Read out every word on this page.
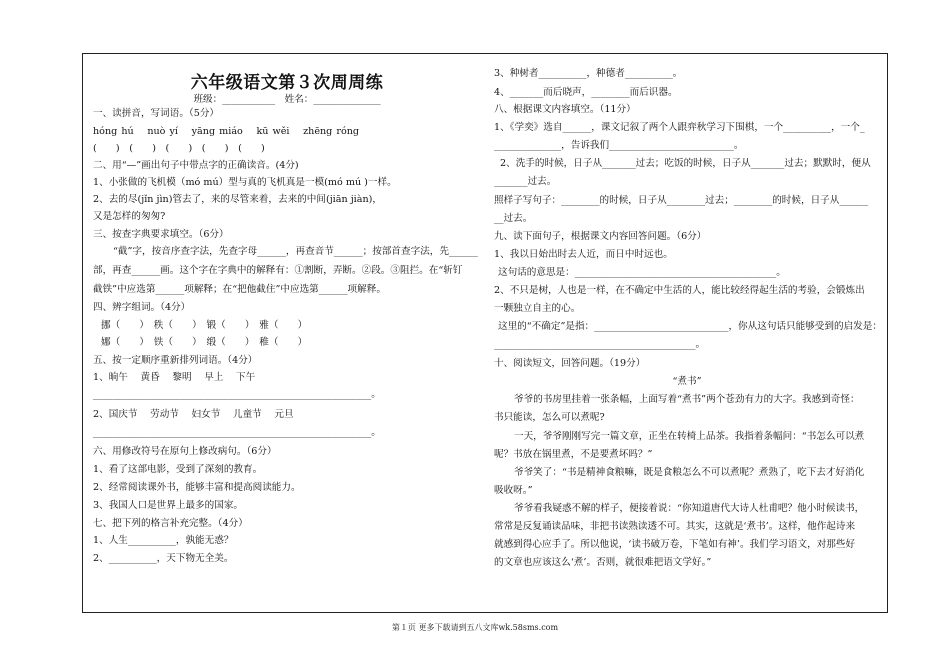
六年级语文第３次周周练
班级：___________　姓名：______________
一、读拼音，写词语。（5分）
hóng hú　 nuò yí　 yāng miáo　 kū wěi　 zhēng róng
(　　)　(　　)　(　　)　(　　)　(　　)
二、用“—”画出句子中带点字的正确读音。(4分)
1、小张做的飞机模（mó mú）型与真的飞机真是一模(mó mú )一样。
2、去的尽(jǐn jìn)管去了，来的尽管来着，去来的中间(jiān jiàn)，
又是怎样的匆匆?
三、按查字典要求填空。（6分）
“截”字，按音序查字法，先查字母______，再查音节______；按部首查字法，先______
部，再查______画。这个字在字典中的解释有：①割断，弄断。②段。③阻拦。在“斩钉
截铁”中应选第______项解释；在“把他截住”中应选第______项解释。
四、辨字组词。（4分）
挪（　　）　秩（　　）　锻（　　）　雅（　　）
娜（　　）　铁（　　）　缎（　　）　稚（　　）
五、按一定顺序重新排列词语。（4分）
1、晌午　 黄昏　 黎明　 早上　 下午
__________________________________________________________。
2、国庆节　 劳动节　 妇女节　 儿童节　 元旦
__________________________________________________________。
六、用修改符号在原句上修改病句。（6分）
1、看了这部电影，受到了深刻的教育。
2、经常阅读课外书，能够丰富和提高阅读能力。
3、我国人口是世界上最多的国家。
七、把下列的格言补充完整。（4分）
1、人生__________，孰能无惑？
2、__________，天下物无全美。
3、种树者__________，种德者__________。
4、_______而后晓声，________而后识器。
八、根据课文内容填空。（11分）
1、《学奕》选自______，课文记叙了两个人跟弈秋学习下围棋，一个__________，一个_
______________，告诉我们__________________________。
2、洗手的时候，日子从_______过去；吃饭的时候，日子从_______过去；默默时，便从
_______过去。
照样子写句子：________的时候，日子从________过去；________的时候，日子从______
__过去。
九、读下面句子，根据课文内容回答问题。（6分）
1、我以日始出时去人近，而日中时远也。
这句话的意思是：__________________________________________。
2、不只是树，人也是一样，在不确定中生活的人，能比较经得起生活的考验，会锻炼出
一颗独立自主的心。
这里的“不确定”是指：____________________________，你从这句话只能够受到的启发是：
__________________________________________。
十、阅读短文，回答问题。（19分）
“煮书”
爷爷的书房里挂着一张条幅，上面写着“煮书”两个苍劲有力的大字。我感到奇怪：
书只能读，怎么可以煮呢?
一天，爷爷刚刚写完一篇文章，正坐在转椅上品茶。我指着条幅问：“书怎么可以煮
呢？书放在锅里煮，不是要煮坏吗？”
爷爷笑了：“书是精神食粮嘛，既是食粮怎么不可以煮呢？煮熟了，吃下去才好消化
吸收呀。”
爷爷看我疑惑不解的样子，便接着说：“你知道唐代大诗人杜甫吧？他小时候读书，
常常是反复诵读品味，非把书读熟读透不可。其实，这就是‘煮书’。这样，他作起诗来
就感到得心应手了。所以他说，‘读书破万卷，下笔如有神’。我们学习语文，对那些好
的文章也应该这么‘煮’。否则，就很难把语文学好。”
第１页 更多下载请到五八文库wk.58sms.com
